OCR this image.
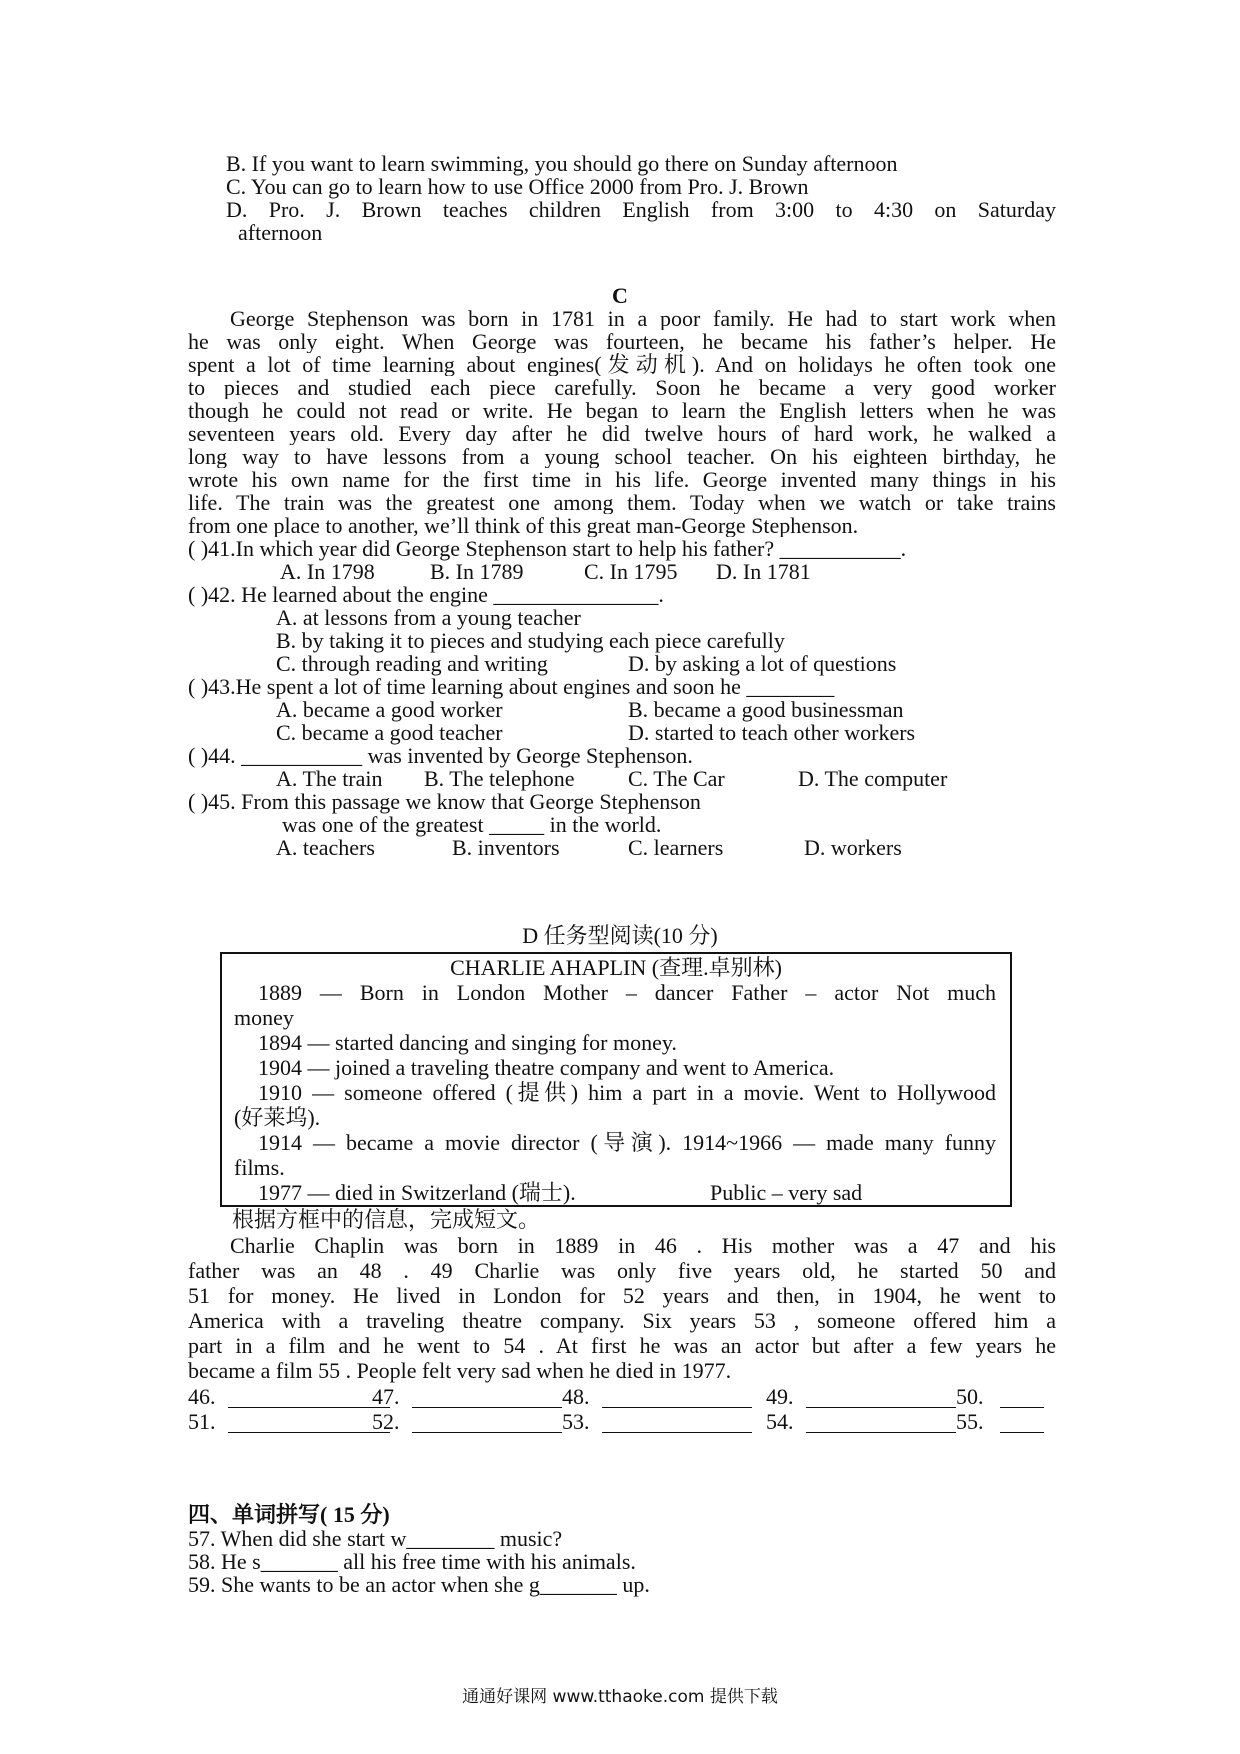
B. If you want to learn swimming, you should go there on Sunday afternoon
C. You can go to learn how to use Office 2000 from Pro. J. Brown
D. Pro. J. Brown teaches children English from 3:00 to 4:30 on Saturday
afternoon
C
George Stephenson was born in 1781 in a poor family. He had to start work when
he was only eight. When George was fourteen, he became his father’s helper. He
spent a lot of time learning about engines(发动机). And on holidays he often took one
to pieces and studied each piece carefully. Soon he became a very good worker
though he could not read or write. He began to learn the English letters when he was
seventeen years old. Every day after he did twelve hours of hard work, he walked a
long way to have lessons from a young school teacher. On his eighteen birthday, he
wrote his own name for the first time in his life. George invented many things in his
life. The train was the greatest one among them. Today when we watch or take trains
from one place to another, we’ll think of this great man-George Stephenson.
( )41.In which year did George Stephenson start to help his father? ___________.
A. In 1798	B. In 1789	C. In 1795 D. In 1781
( )42. He learned about the engine _______________.
A. at lessons from a young teacher
B. by taking it to pieces and studying each piece carefully
C. through reading and writing	D. by asking a lot of questions
( )43.He spent a lot of time learning about engines and soon he ________
A. became a good worker	B. became a good businessman
C. became a good teacher	D. started to teach other workers
( )44. ___________ was invented by George Stephenson.
A. The train B. The telephone C. The Car	D. The computer
( )45. From this passage we know that George Stephenson
was one of the greatest _____ in the world.
A. teachers	B. inventors	C. learners	D. workers
D 任务型阅读(10 分)
CHARLIE AHAPLIN (查理.卓别林)
1889 — Born in London Mother – dancer Father – actor Not much
money
1894 — started dancing and singing for money.
1904 — joined a traveling theatre company and went to America.
1910 — someone offered (提供) him a part in a movie. Went to Hollywood
(好莱坞).
1914 — became a movie director (导演). 1914~1966 — made many funny
films.
1977 — died in Switzerland (瑞士).	Public – very sad
根据方框中的信息，完成短文。
Charlie Chaplin was born in 1889 in 46 . His mother was a 47 and his
father was an 48 . 49 Charlie was only five years old, he started 50 and
51 for money. He lived in London for 52 years and then, in 1904, he went to
America with a traveling theatre company. Six years 53 , someone offered him a
part in a film and he went to 54 . At first he was an actor but after a few years he
became a film 55 . People felt very sad when he died in 1977.
46.	47.	48.	49.	50.
51.	52.	53.	54.	55.
四、单词拼写( 15 分)
57. When did she start w________ music?
58. He s_______ all his free time with his animals.
59. She wants to be an actor when she g_______ up.
通通好课网 www.tthaoke.com 提供下载
